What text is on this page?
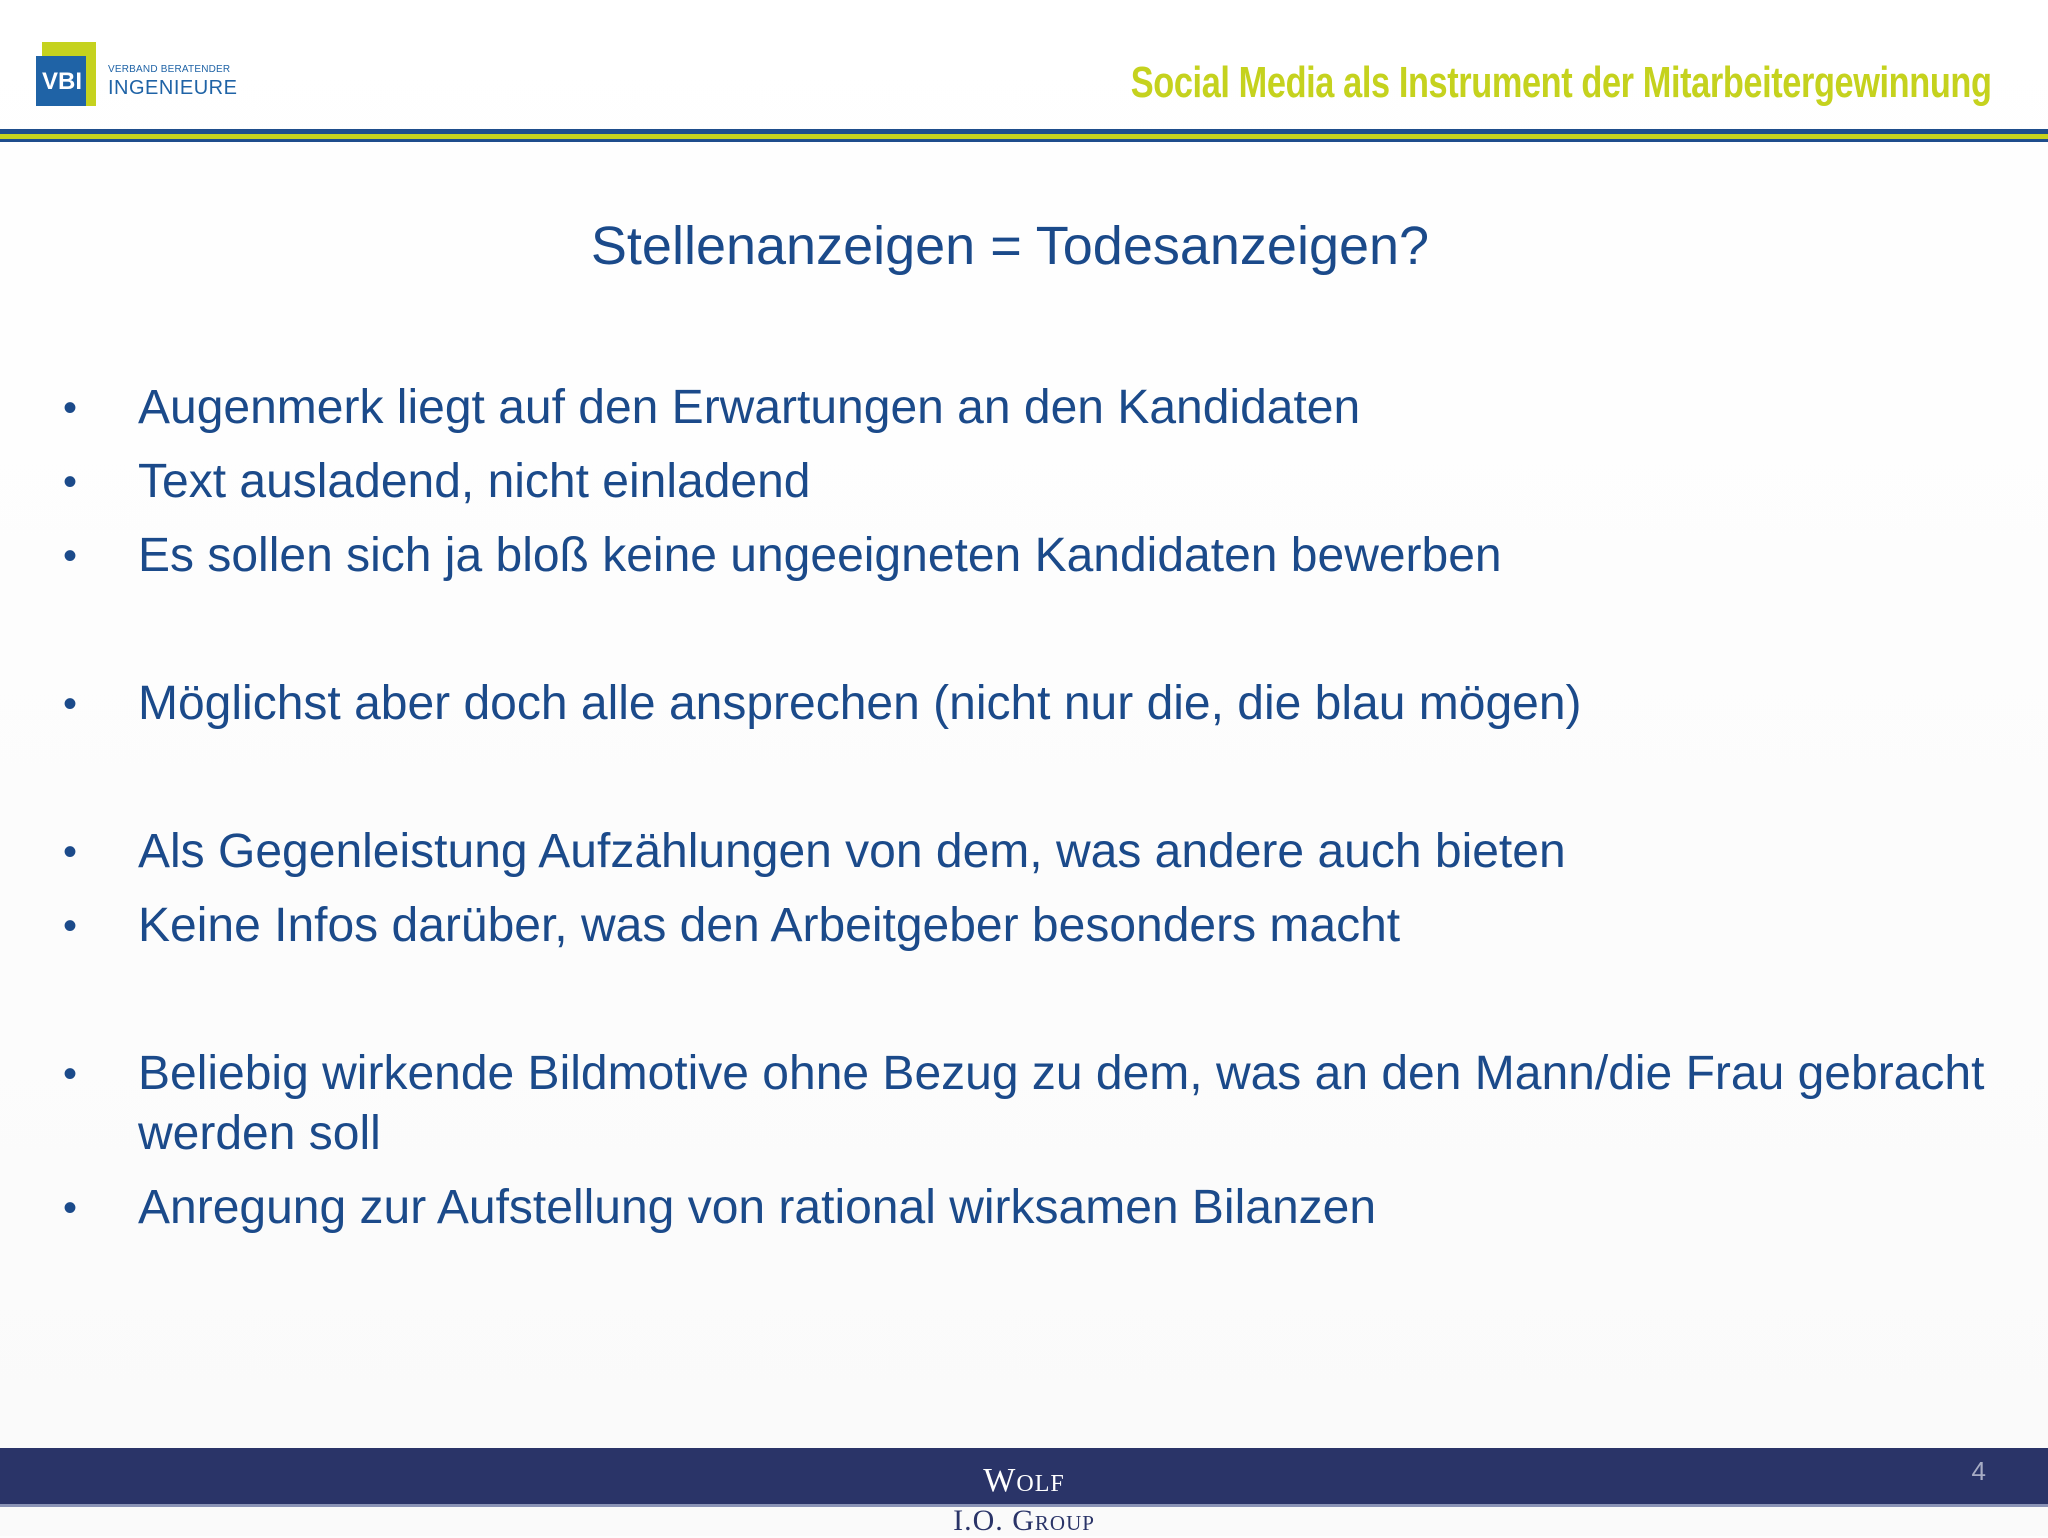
VBI	VERBAND BERATENDER
INGENIEURE	Social Media als Instrument der Mitarbeitergewinnung
Stellenanzeigen = Todesanzeigen?
• Augenmerk liegt auf den Erwartungen an den Kandidaten
• Text ausladend, nicht einladend
• Es sollen sich ja bloß keine ungeeigneten Kandidaten bewerben
• Möglichst aber doch alle ansprechen (nicht nur die, die blau mögen)
• Als Gegenleistung Aufzählungen von dem, was andere auch bieten
• Keine Infos darüber, was den Arbeitgeber besonders macht
• Beliebig wirkende Bildmotive ohne Bezug zu dem, was an den Mann/die Frau gebracht werden soll
• Anregung zur Aufstellung von rational wirksamen Bilanzen
Wolf
I.O. Group
4
